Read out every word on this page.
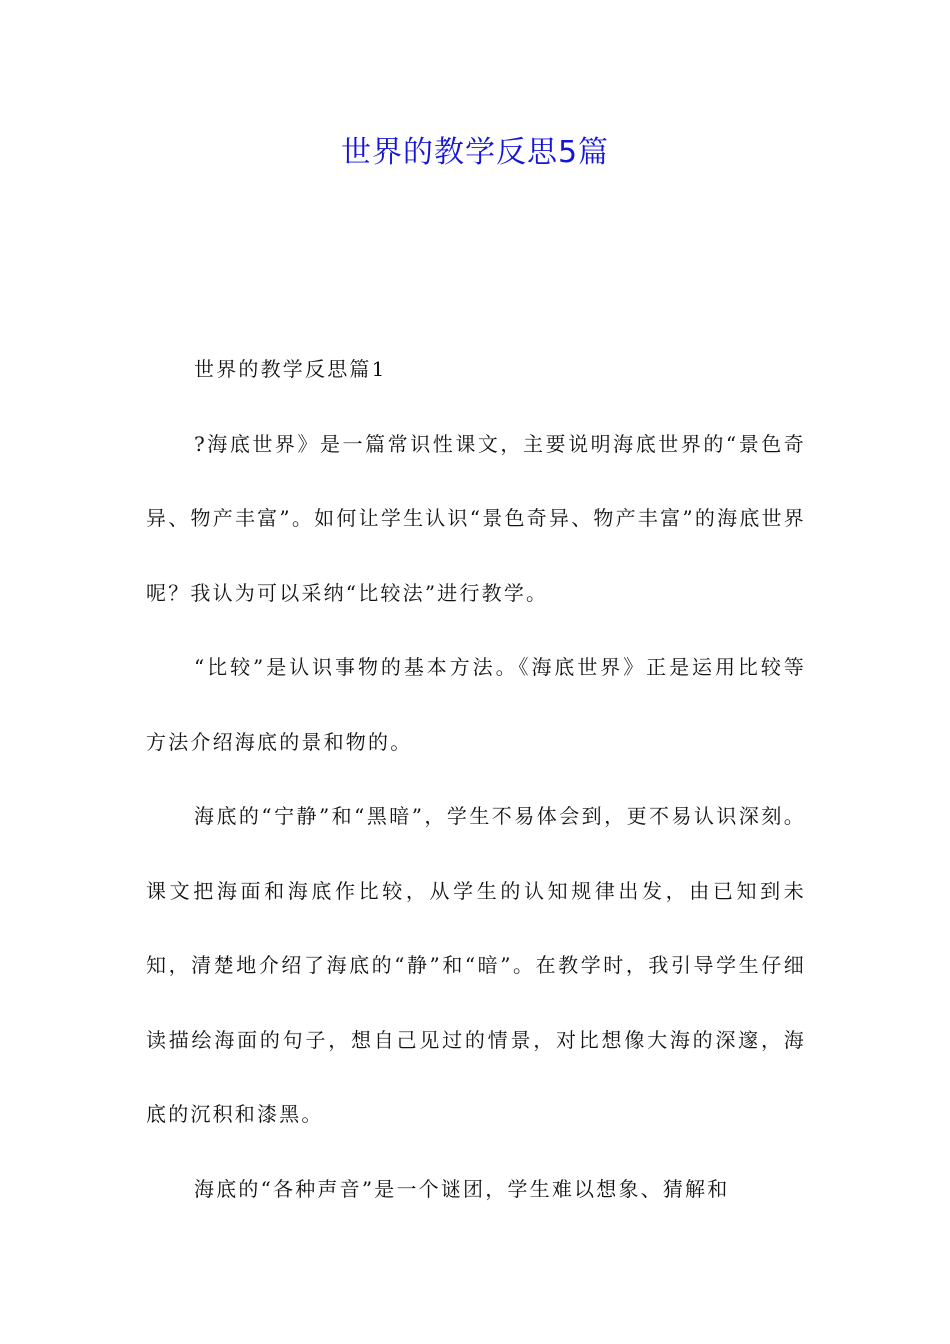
世界的教学反思5篇

世界的教学反思篇1

?海底世界》是一篇常识性课文，主要说明海底世界的“景色奇异、物产丰富”。如何让学生认识“景色奇异、物产丰富”的海底世界呢？我认为可以采纳“比较法”进行教学。

“比较”是认识事物的基本方法。《海底世界》正是运用比较等方法介绍海底的景和物的。

海底的“宁静”和“黑暗”，学生不易体会到，更不易认识深刻。课文把海面和海底作比较，从学生的认知规律出发，由已知到未知，清楚地介绍了海底的“静”和“暗”。在教学时，我引导学生仔细读描绘海面的句子，想自己见过的情景，对比想像大海的深邃，海底的沉积和漆黑。

海底的“各种声音”是一个谜团，学生难以想象、猜解和
